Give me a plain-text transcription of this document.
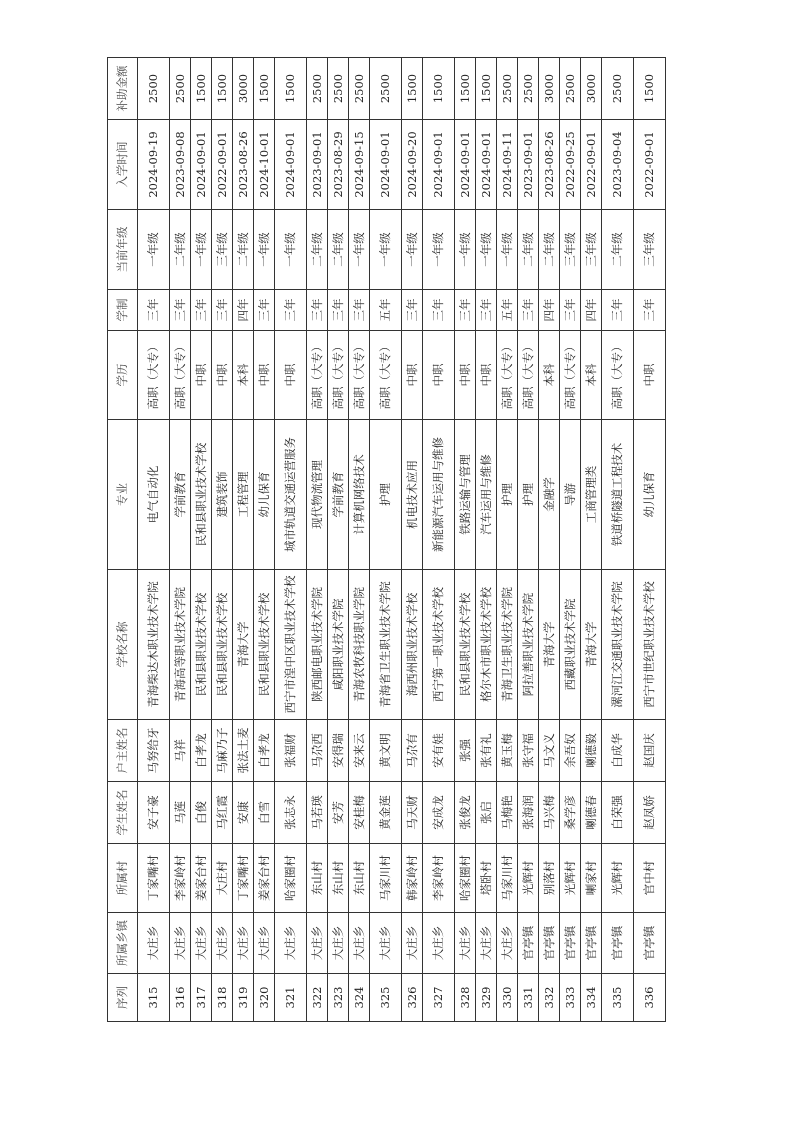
序列	所属乡镇	所属村	学生姓名	户主姓名	学校名称	专业	学历	学制	当前年级	入学时间	补助金额
315	大庄乡	丁家嘴村	安子豪	马努给牙	青海柴达木职业技术学院	电气自动化	高职（大专）	三年	一年级	2024-09-19	2500
316	大庄乡	李家岭村	马莲	马祥	青海高等职业技术学院	学前教育	高职（大专）	三年	二年级	2023-09-08	2500
317	大庄乡	姜家台村	白俊	白孝龙	民和县职业技术学校	民和县职业技术学校	中职	三年	一年级	2024-09-01	1500
318	大庄乡	大庄村	马红霞	马麻乃子	民和县职业技术学校	建筑装饰	中职	三年	三年级	2022-09-01	1500
319	大庄乡	丁家嘴村	安康	张法土麦	青海大学	工程管理	本科	四年	二年级	2023-08-26	3000
320	大庄乡	姜家台村	白雪	白孝龙	民和县职业技术学校	幼儿保育	中职	三年	一年级	2024-10-01	1500
321	大庄乡	哈家圈村	张志永	张福财	西宁市湟中区职业技术学校	城市轨道交通运营服务	中职	三年	一年级	2024-09-01	1500
322	大庄乡	东山村	马若瑛	马尕西	陕西邮电职业技术学院	现代物流管理	高职（大专）	三年	二年级	2023-09-01	2500
323	大庄乡	东山村	安芳	安得瑞	咸阳职业技术学院	学前教育	高职（大专）	三年	二年级	2023-08-29	2500
324	大庄乡	东山村	安桂梅	安来云	青海农牧科技职业学院	计算机网络技术	高职（大专）	三年	一年级	2024-09-15	2500
325	大庄乡	马家川村	黄金莲	黄文明	青海省卫生职业技术学院	护理	高职（大专）	五年	一年级	2024-09-01	2500
326	大庄乡	韩家岭村	马天财	马尕有	海西州职业技术学校	机电技术应用	中职	三年	一年级	2024-09-20	1500
327	大庄乡	李家岭村	安成龙	安有娃	西宁第一职业技术学校	新能源汽车运用与维修	中职	三年	一年级	2024-09-01	1500
328	大庄乡	哈家圈村	张俊龙	张强	民和县职业技术学校	铁路运输与管理	中职	三年	一年级	2024-09-01	1500
329	大庄乡	塔卧村	张启	张有礼	格尔木市职业技术学校	汽车运用与维修	中职	三年	一年级	2024-09-01	1500
330	大庄乡	马家川村	马梅艳	黄玉梅	青海卫生职业技术学院	护理	高职（大专）	五年	一年级	2024-09-11	2500
331	官亭镇	光辉村	张海润	张守福	阿拉善职业技术学院	护理	高职（大专）	三年	二年级	2023-09-01	2500
332	官亭镇	别落村	马兴梅	马文义	青海大学	金融学	本科	四年	二年级	2023-08-26	3000
333	官亭镇	光辉村	桑学彦	余吾奴	西藏职业技术学院	导游	高职（大专）	三年	三年级	2022-09-25	2500
334	官亭镇	喇家村	喇德春	喇德毅	青海大学	工商管理类	本科	四年	三年级	2022-09-01	3000
335	官亭镇	光辉村	白荣强	白成华	漯河江交通职业技术学院	铁道桥隧道工程技术	高职（大专）	三年	二年级	2023-09-04	2500
336	官亭镇	官中村	赵凤娇	赵国庆	西宁市世纪职业技术学校	幼儿保育	中职	三年	三年级	2022-09-01	1500
